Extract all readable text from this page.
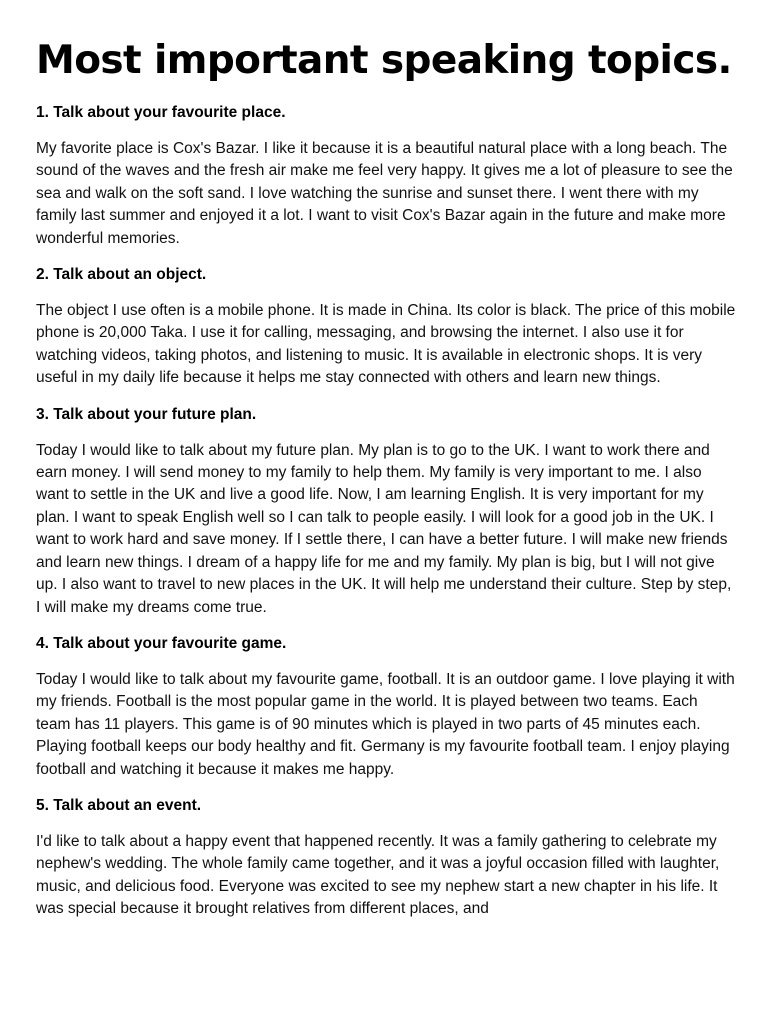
Most important speaking topics.

1. Talk about your favourite place.

My favorite place is Cox's Bazar. I like it because it is a beautiful natural place with a long beach. The sound of the waves and the fresh air make me feel very happy. It gives me a lot of pleasure to see the sea and walk on the soft sand. I love watching the sunrise and sunset there. I went there with my family last summer and enjoyed it a lot. I want to visit Cox's Bazar again in the future and make more wonderful memories.

2. Talk about an object.

The object I use often is a mobile phone. It is made in China. Its color is black. The price of this mobile phone is 20,000 Taka. I use it for calling, messaging, and browsing the internet. I also use it for watching videos, taking photos, and listening to music. It is available in electronic shops. It is very useful in my daily life because it helps me stay connected with others and learn new things.

3. Talk about your future plan.

Today I would like to talk about my future plan. My plan is to go to the UK. I want to work there and earn money. I will send money to my family to help them. My family is very important to me. I also want to settle in the UK and live a good life. Now, I am learning English. It is very important for my plan. I want to speak English well so I can talk to people easily. I will look for a good job in the UK. I want to work hard and save money. If I settle there, I can have a better future. I will make new friends and learn new things. I dream of a happy life for me and my family. My plan is big, but I will not give up. I also want to travel to new places in the UK. It will help me understand their culture. Step by step, I will make my dreams come true.

4. Talk about your favourite game.

Today I would like to talk about my favourite game, football. It is an outdoor game. I love playing it with my friends. Football is the most popular game in the world. It is played between two teams. Each team has 11 players. This game is of 90 minutes which is played in two parts of 45 minutes each. Playing football keeps our body healthy and fit. Germany is my favourite football team. I enjoy playing football and watching it because it makes me happy.

5. Talk about an event.

I'd like to talk about a happy event that happened recently. It was a family gathering to celebrate my nephew's wedding. The whole family came together, and it was a joyful occasion filled with laughter, music, and delicious food. Everyone was excited to see my nephew start a new chapter in his life. It was special because it brought relatives from different places, and
